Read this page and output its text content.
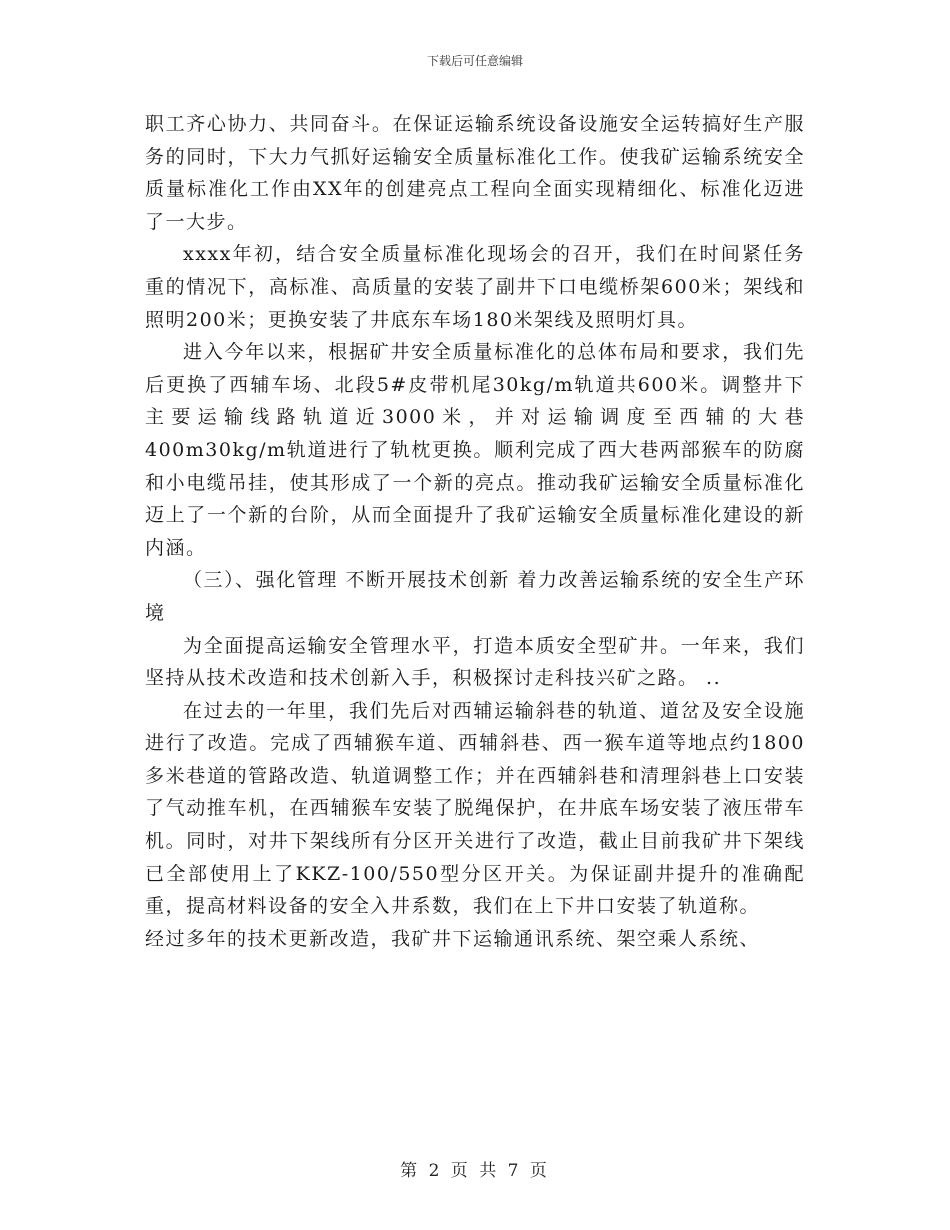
下载后可任意编辑

职工齐心协力、共同奋斗。在保证运输系统设备设施安全运转搞好生产服务的同时，下大力气抓好运输安全质量标准化工作。使我矿运输系统安全质量标准化工作由XX年的创建亮点工程向全面实现精细化、标准化迈进了一大步。

xxxx年初，结合安全质量标准化现场会的召开，我们在时间紧任务重的情况下，高标准、高质量的安装了副井下口电缆桥架600米；架线和照明200米；更换安装了井底东车场180米架线及照明灯具。

进入今年以来，根据矿井安全质量标准化的总体布局和要求，我们先后更换了西辅车场、北段5#皮带机尾30kg/m轨道共600米。调整井下主要运输线路轨道近3000米，并对运输调度至西辅的大巷400m30kg/m轨道进行了轨枕更换。顺利完成了西大巷两部猴车的防腐和小电缆吊挂，使其形成了一个新的亮点。推动我矿运输安全质量标准化迈上了一个新的台阶，从而全面提升了我矿运输安全质量标准化建设的新内涵。

（三）、强化管理 不断开展技术创新 着力改善运输系统的安全生产环境

为全面提高运输安全管理水平，打造本质安全型矿井。一年来，我们坚持从技术改造和技术创新入手，积极探讨走科技兴矿之路。 ..

在过去的一年里，我们先后对西辅运输斜巷的轨道、道岔及安全设施进行了改造。完成了西辅猴车道、西辅斜巷、西一猴车道等地点约1800多米巷道的管路改造、轨道调整工作；并在西辅斜巷和清理斜巷上口安装了气动推车机，在西辅猴车安装了脱绳保护，在井底车场安装了液压带车机。同时，对井下架线所有分区开关进行了改造，截止目前我矿井下架线已全部使用上了KKZ-100/550型分区开关。为保证副井提升的准确配重，提高材料设备的安全入井系数，我们在上下井口安装了轨道称。

经过多年的技术更新改造，我矿井下运输通讯系统、架空乘人系统、

第 2 页 共 7 页
